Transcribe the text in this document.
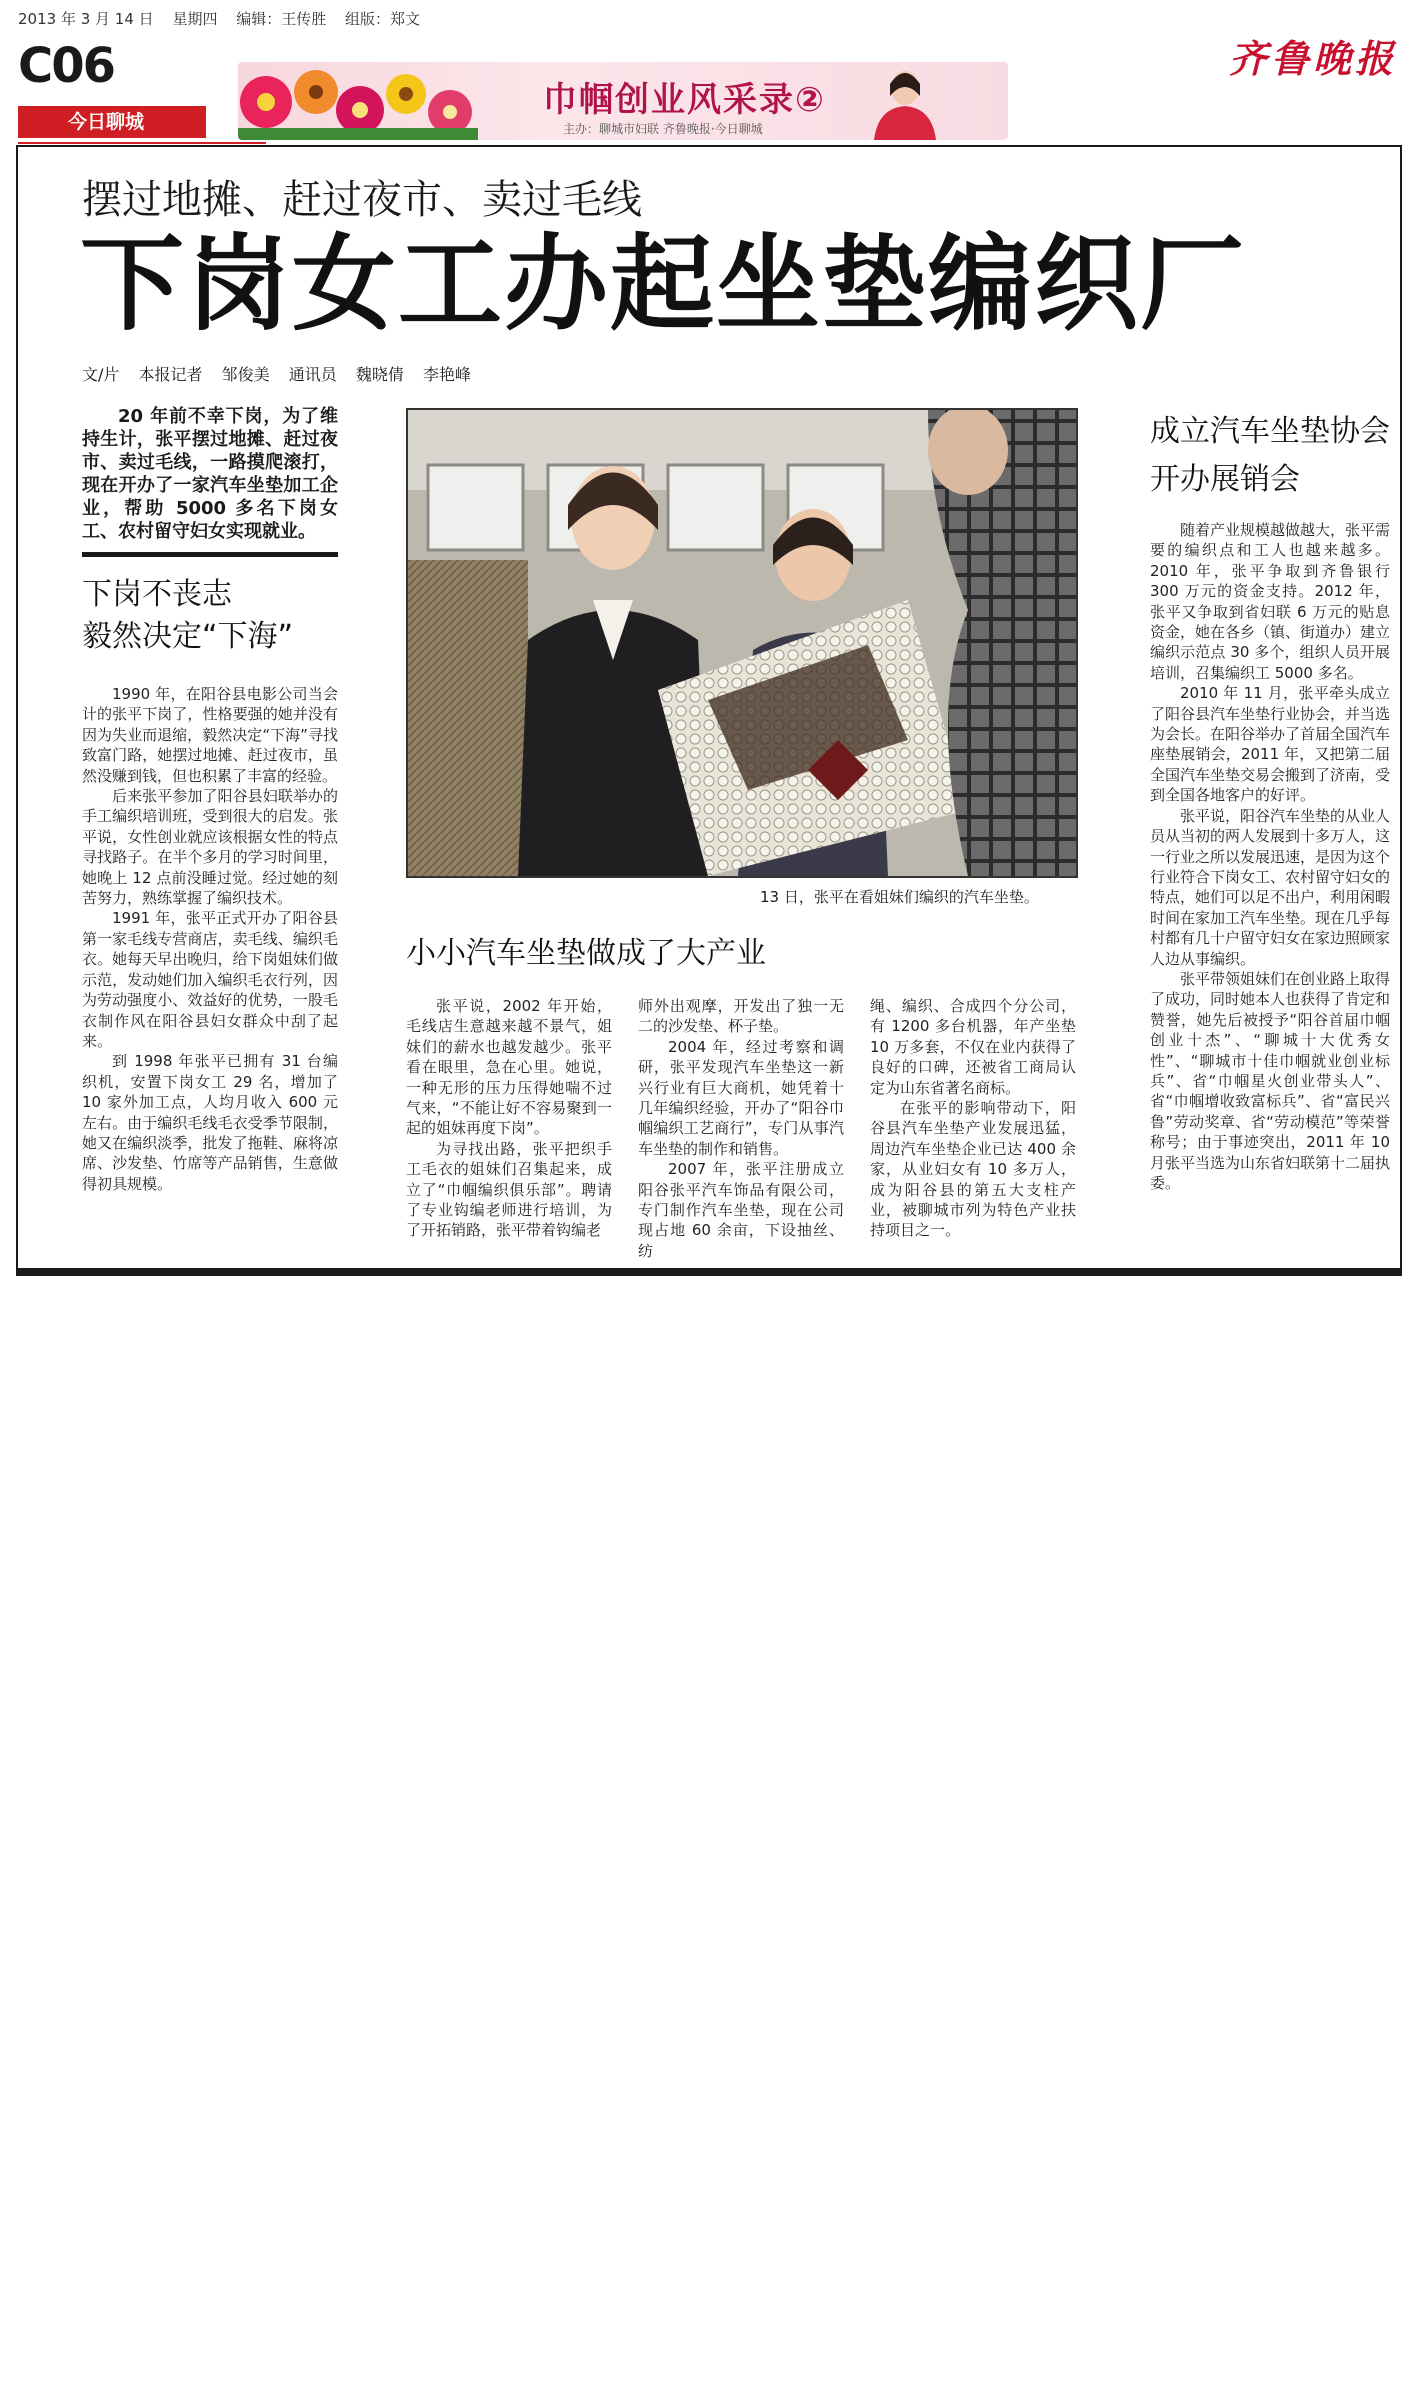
2013 年 3 月 14 日 星期四 编辑：王传胜 组版：郑文
C06
今日聊城
齐鲁晚报
巾帼创业风采录②
主办：聊城市妇联 齐鲁晚报·今日聊城
摆过地摊、赶过夜市、卖过毛线
下岗女工办起坐垫编织厂
文/片 本报记者 邹俊美 通讯员 魏晓倩 李艳峰
20 年前不幸下岗，为了维持生计，张平摆过地摊、赶过夜市、卖过毛线，一路摸爬滚打，现在开办了一家汽车坐垫加工企业，帮助 5000 多名下岗女工、农村留守妇女实现就业。
下岗不丧志
毅然决定“下海”

1990 年，在阳谷县电影公司当会计的张平下岗了，性格要强的她并没有因为失业而退缩，毅然决定“下海”寻找致富门路，她摆过地摊、赶过夜市，虽然没赚到钱，但也积累了丰富的经验。

后来张平参加了阳谷县妇联举办的手工编织培训班，受到很大的启发。张平说，女性创业就应该根据女性的特点寻找路子。在半个多月的学习时间里，她晚上 12 点前没睡过觉。经过她的刻苦努力，熟练掌握了编织技术。

1991 年，张平正式开办了阳谷县第一家毛线专营商店，卖毛线、编织毛衣。她每天早出晚归，给下岗姐妹们做示范，发动她们加入编织毛衣行列，因为劳动强度小、效益好的优势，一股毛衣制作风在阳谷县妇女群众中刮了起来。

到 1998 年张平已拥有 31 台编织机，安置下岗女工 29 名，增加了 10 家外加工点，人均月收入 600 元左右。由于编织毛线毛衣受季节限制，她又在编织淡季，批发了拖鞋、麻将凉席、沙发垫、竹席等产品销售，生意做得初具规模。

13 日，张平在看姐妹们编织的汽车坐垫。
小小汽车坐垫做成了大产业

张平说，2002 年开始，毛线店生意越来越不景气，姐妹们的薪水也越发越少。张平看在眼里，急在心里。她说，一种无形的压力压得她喘不过气来，“不能让好不容易聚到一起的姐妹再度下岗”。

为寻找出路，张平把织手工毛衣的姐妹们召集起来，成立了“巾帼编织俱乐部”。聘请了专业钩编老师进行培训，为了开拓销路，张平带着钩编老

师外出观摩，开发出了独一无二的沙发垫、杯子垫。

2004 年，经过考察和调研，张平发现汽车坐垫这一新兴行业有巨大商机，她凭着十几年编织经验，开办了“阳谷巾帼编织工艺商行”，专门从事汽车坐垫的制作和销售。

2007 年，张平注册成立阳谷张平汽车饰品有限公司，专门制作汽车坐垫，现在公司现占地 60 余亩，下设抽丝、纺

绳、编织、合成四个分公司，有 1200 多台机器，年产坐垫 10 万多套，不仅在业内获得了良好的口碑，还被省工商局认定为山东省著名商标。

在张平的影响带动下，阳谷县汽车坐垫产业发展迅猛，周边汽车坐垫企业已达 400 余家，从业妇女有 10 多万人，成为阳谷县的第五大支柱产业，被聊城市列为特色产业扶持项目之一。

成立汽车坐垫协会
开办展销会

随着产业规模越做越大，张平需要的编织点和工人也越来越多。2010 年，张平争取到齐鲁银行 300 万元的资金支持。2012 年，张平又争取到省妇联 6 万元的贴息资金，她在各乡（镇、街道办）建立编织示范点 30 多个，组织人员开展培训，召集编织工 5000 多名。

2010 年 11 月，张平牵头成立了阳谷县汽车坐垫行业协会，并当选为会长。在阳谷举办了首届全国汽车座垫展销会，2011 年，又把第二届全国汽车坐垫交易会搬到了济南，受到全国各地客户的好评。

张平说，阳谷汽车坐垫的从业人员从当初的两人发展到十多万人，这一行业之所以发展迅速，是因为这个行业符合下岗女工、农村留守妇女的特点，她们可以足不出户，利用闲暇时间在家加工汽车坐垫。现在几乎每村都有几十户留守妇女在家边照顾家人边从事编织。

张平带领姐妹们在创业路上取得了成功，同时她本人也获得了肯定和赞誉，她先后被授予“阳谷首届巾帼创业十杰”、“聊城十大优秀女性”、“聊城市十佳巾帼就业创业标兵”、省“巾帼星火创业带头人”、省“巾帼增收致富标兵”、省“富民兴鲁”劳动奖章、省“劳动模范”等荣誉称号；由于事迹突出，2011 年 10 月张平当选为山东省妇联第十二届执委。
